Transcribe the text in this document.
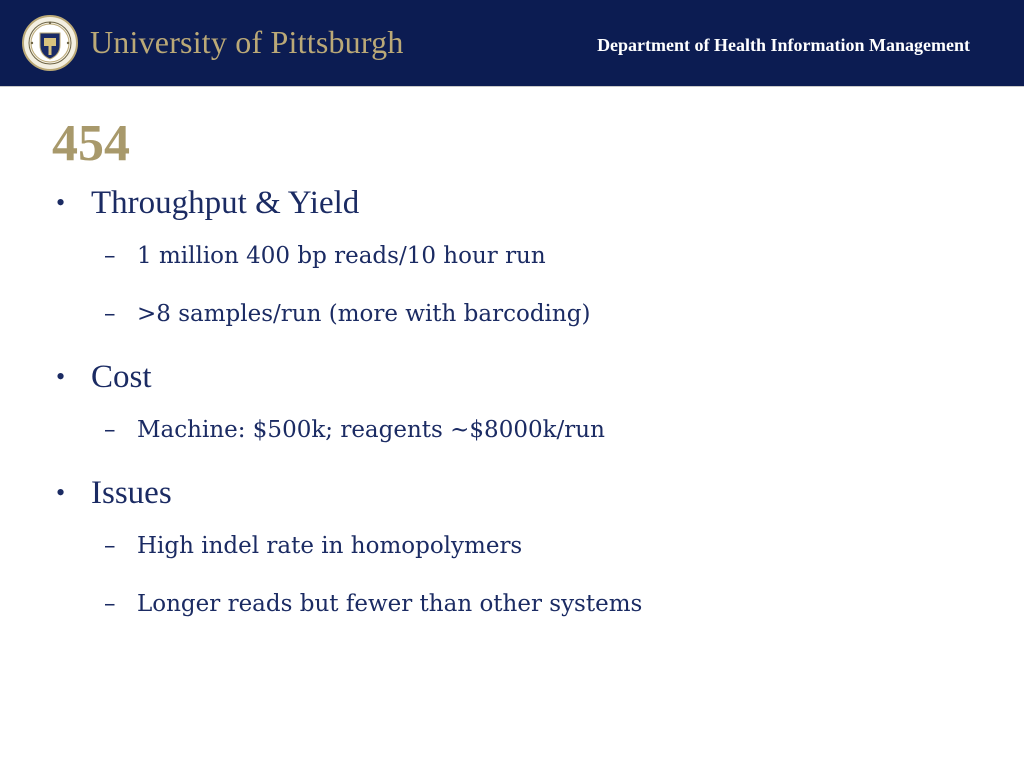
University of Pittsburgh	Department of Health Information Management
454
• Throughput & Yield
– 1 million 400 bp reads/10 hour run
– >8 samples/run (more with barcoding)
• Cost
– Machine: $500k; reagents ~$8000k/run
• Issues
– High indel rate in homopolymers
– Longer reads but fewer than other systems
